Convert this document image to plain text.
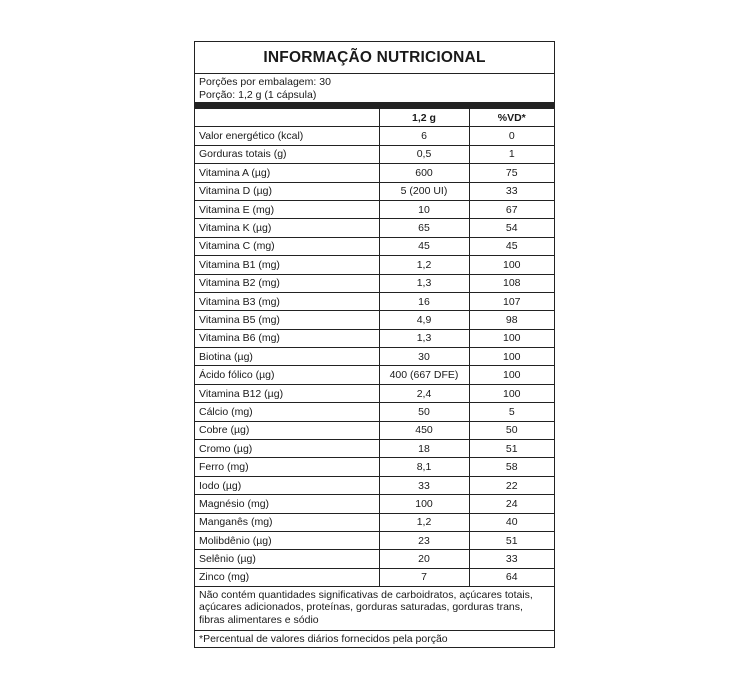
INFORMAÇÃO NUTRICIONAL
Porções por embalagem: 30
Porção: 1,2 g (1 cápsula)
	1,2 g	%VD*
Valor energético (kcal)	6	0
Gorduras totais (g)	0,5	1
Vitamina A (µg)	600	75
Vitamina D (µg)	5 (200 UI)	33
Vitamina E (mg)	10	67
Vitamina K (µg)	65	54
Vitamina C (mg)	45	45
Vitamina B1 (mg)	1,2	100
Vitamina B2 (mg)	1,3	108
Vitamina B3 (mg)	16	107
Vitamina B5 (mg)	4,9	98
Vitamina B6 (mg)	1,3	100
Biotina (µg)	30	100
Ácido fólico (µg)	400 (667 DFE)	100
Vitamina B12 (µg)	2,4	100
Cálcio (mg)	50	5
Cobre (µg)	450	50
Cromo (µg)	18	51
Ferro (mg)	8,1	58
Iodo (µg)	33	22
Magnésio (mg)	100	24
Manganês (mg)	1,2	40
Molibdênio (µg)	23	51
Selênio (µg)	20	33
Zinco (mg)	7	64
Não contém quantidades significativas de carboidratos, açúcares totais, açúcares adicionados, proteínas, gorduras saturadas, gorduras trans, fibras alimentares e sódio
*Percentual de valores diários fornecidos pela porção
